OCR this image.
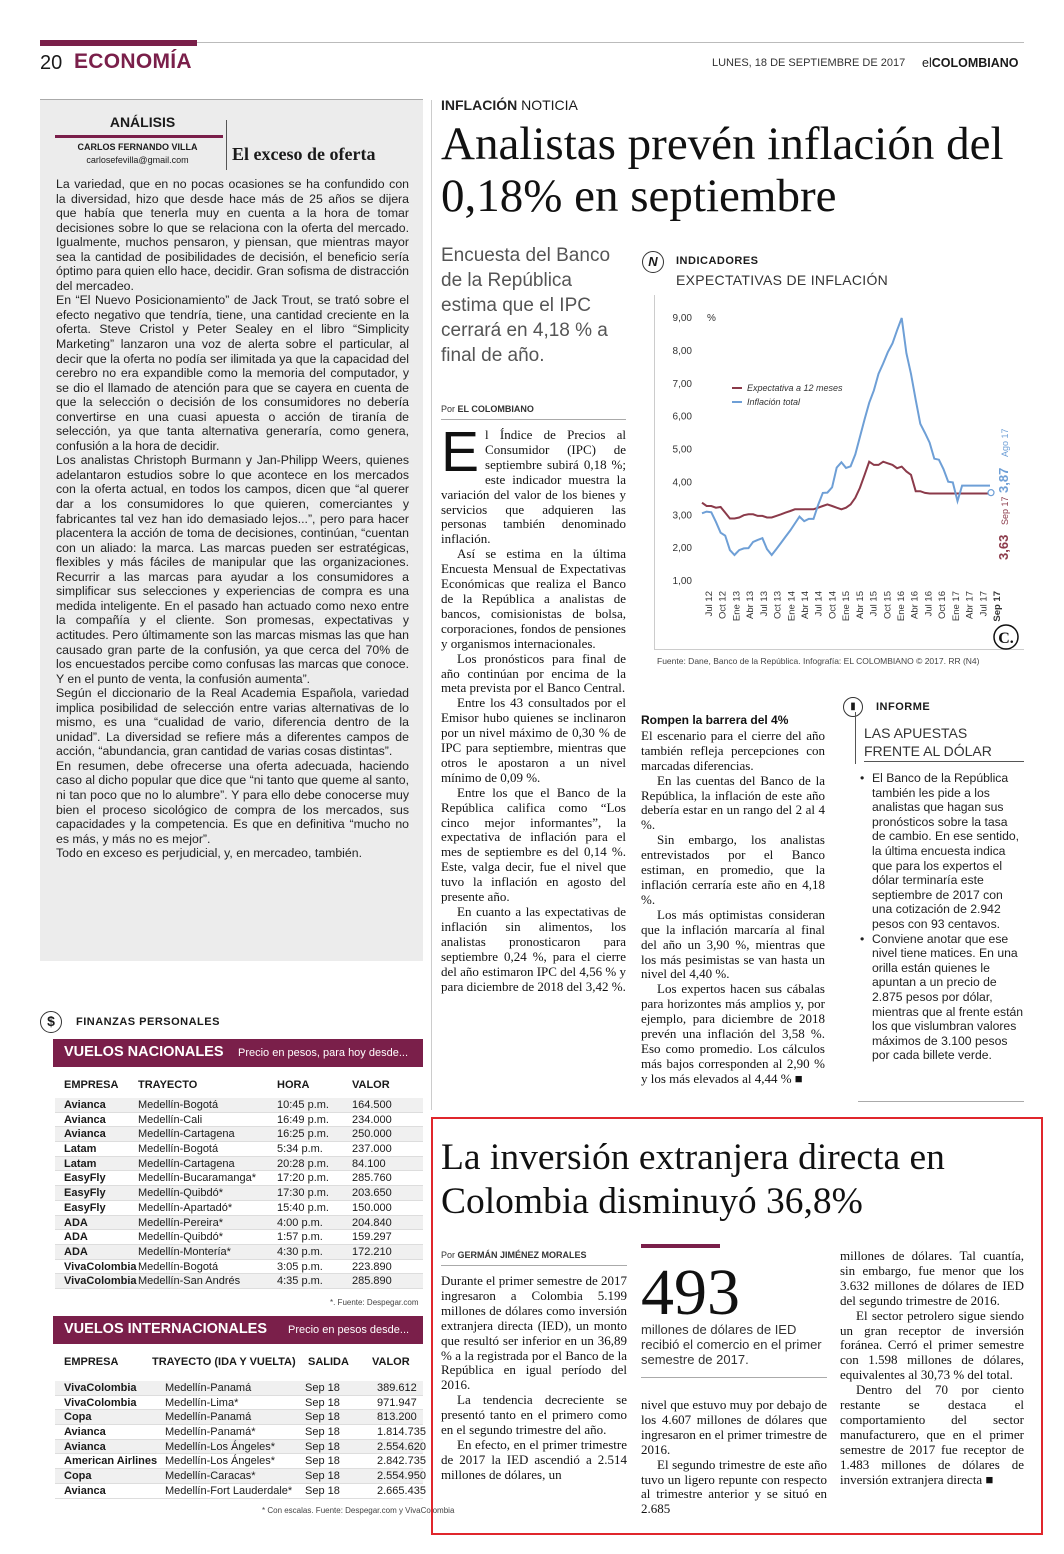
20 ECONOMÍA	LUNES, 18 DE SEPTIEMBRE DE 2017 elCOLOMBIANO
ANÁLISIS
CARLOS FERNANDO VILLA
carlosefevilla@gmail.com	El exceso de oferta

La variedad, que en no pocas ocasiones se ha confundido con la diversidad, hizo que desde hace más de 25 años se dijera que había que tenerla muy en cuenta a la hora de tomar decisiones sobre lo que se relaciona con la oferta del mercado. Igualmente, muchos pensaron, y piensan, que mientras mayor sea la cantidad de posibilidades de decisión, el beneficio sería óptimo para quien ello hace, decidir. Gran sofisma de distracción del mercadeo.

En “El Nuevo Posicionamiento” de Jack Trout, se trató sobre el efecto negativo que tendría, tiene, una cantidad creciente en la oferta. Steve Cristol y Peter Sealey en el libro “Simplicity Marketing” lanzaron una voz de alerta sobre el particular, al decir que la oferta no podía ser ilimitada ya que la capacidad del cerebro no era expandible como la memoria del computador, y se dio el llamado de atención para que se cayera en cuenta de que la selección o decisión de los consumidores no debería convertirse en una cuasi apuesta o acción de tiranía de selección, ya que tanta alternativa generaría, como genera, confusión a la hora de decidir.

Los analistas Christoph Burmann y Jan-Philipp Weers, quienes adelantaron estudios sobre lo que acontece en los mercados con la oferta actual, en todos los campos, dicen que “al querer dar a los consumidores lo que quieren, comerciantes y fabricantes tal vez han ido demasiado lejos...”, pero para hacer placentera la acción de toma de decisiones, continúan, “cuentan con un aliado: la marca. Las marcas pueden ser estratégicas, flexibles y más fáciles de manipular que las organizaciones. Recurrir a las marcas para ayudar a los consumidores a simplificar sus selecciones y experiencias de compra es una medida inteligente. En el pasado han actuado como nexo entre la compañía y el cliente. Son promesas, expectativas y actitudes. Pero últimamente son las marcas mismas las que han causado gran parte de la confusión, ya que cerca del 70% de los encuestados percibe como confusas las marcas que conoce. Y en el punto de venta, la confusión aumenta”.

Según el diccionario de la Real Academia Española, variedad implica posibilidad de selección entre varias alternativas de lo mismo, es una “cualidad de vario, diferencia dentro de la unidad”. La diversidad se refiere más a diferentes campos de acción, “abundancia, gran cantidad de varias cosas distintas”.

En resumen, debe ofrecerse una oferta adecuada, haciendo caso al dicho popular que dice que “ni tanto que queme al santo, ni tan poco que no lo alumbre”. Y para ello debe conocerse muy bien el proceso sicológico de compra de los mercados, sus capacidades y la competencia. Es que en definitiva “mucho no es más, y más no es mejor”.

Todo en exceso es perjudicial, y, en mercadeo, también.

$	FINANZAS PERSONALES
VUELOS NACIONALES Precio en pesos, para hoy desde...
EMPRESA TRAYECTO	HORA	VALOR
Avianca	Medellín-Bogotá	10:45 p.m. 164.500
Avianca	Medellín-Cali	16:49 p.m. 234.000
Avianca	Medellín-Cartagena	16:25 p.m. 250.000
Latam	Medellín-Bogotá	5:34 p.m.	237.000
Latam	Medellín-Cartagena	20:28 p.m. 84.100
EasyFly	Medellín-Bucaramanga* 17:20 p.m. 285.760
EasyFly	Medellín-Quibdó*	17:30 p.m. 203.650
EasyFly	Medellín-Apartadó*	15:40 p.m. 150.000
ADA	Medellín-Pereira*	4:00 p.m.	204.840
ADA	Medellín-Quibdó*	1:57 p.m.	159.297
ADA	Medellín-Montería*	4:30 p.m.	172.210
VivaColombia Medellín-Bogotá	3:05 p.m.	223.890
VivaColombia Medellín-San Andrés	4:35 p.m.	285.890
*. Fuente: Despegar.com
VUELOS INTERNACIONALES Precio en pesos desde...
EMPRESA	TRAYECTO (IDA Y VUELTA) SALIDA VALOR
VivaColombia	Medellín-Panamá	Sep 18	389.612
VivaColombia	Medellín-Lima*	Sep 18	971.947
Copa	Medellín-Panamá	Sep 18	813.200
Avianca	Medellín-Panamá*	Sep 18	1.814.735
Avianca	Medellín-Los Ángeles*	Sep 18	2.554.620
American Airlines Medellín-Los Ángeles*	Sep 18	2.842.735
Copa	Medellín-Caracas*	Sep 18	2.554.950
Avianca	Medellín-Fort Lauderdale* Sep 18	2.665.435
* Con escalas. Fuente: Despegar.com y VivaColombia
INFLACIÓN NOTICIA
Analistas prevén inflación del 0,18% en septiembre
Encuesta del Banco de la República estima que el IPC cerrará en 4,18 % a final de año.
Por EL COLOMBIANO

El Índice de Precios al Consumidor (IPC) de septiembre subirá 0,18 %; este indicador muestra la variación del valor de los bienes y servicios que adquieren las personas también denominado inflación.

Así se estima en la última Encuesta Mensual de Expectativas Económicas que realiza el Banco de la República a analistas de bancos, comisionistas de bolsa, corporaciones, fondos de pensiones y organismos internacionales.

Los pronósticos para final de año continúan por encima de la meta prevista por el Banco Central.

Entre los 43 consultados por el Emisor hubo quienes se inclinaron por un nivel máximo de 0,30 % de IPC para septiembre, mientras que otros le apostaron a un nivel mínimo de 0,09 %.

Entre los que el Banco de la República califica como “Los cinco mejor informantes”, la expectativa de inflación para el mes de septiembre es del 0,14 %. Este, valga decir, fue el nivel que tuvo la inflación en agosto del presente año.

En cuanto a las expectativas de inflación sin alimentos, los analistas pronosticaron para septiembre 0,24 %, para el cierre del año estimaron IPC del 4,56 % y para diciembre de 2018 del 3,42 %.

Rompen la barrera del 4%

El escenario para el cierre del año también refleja percepciones con marcadas diferencias.

En las cuentas del Banco de la República, la inflación de este año debería estar en un rango del 2 al 4 %.

Sin embargo, los analistas entrevistados por el Banco estiman, en promedio, que la inflación cerraría este año en 4,18 %.

Los más optimistas consideran que la inflación marcaría al final del año un 3,90 %, mientras que los más pesimistas se van hasta un nivel del 4,40 %.

Los expertos hacen sus cábalas para horizontes más amplios y, por ejemplo, para diciembre de 2018 prevén una inflación del 3,58 %. Eso como promedio. Los cálculos más bajos corresponden al 2,90 % y los más elevados al 4,44 % ■

N	INDICADORES
EXPECTATIVAS DE INFLACIÓN
1,00
2,00
3,00
4,00
5,00
6,00
7,00
8,00
9,00 %
Jul 12 Oct 12 Ene 13 Abr 13 Jul 13 Oct 13 Ene 14 Abr 14 Jul 14 Oct 14 Ene 15 Abr 15 Jul 15 Oct 15 Ene 16 Abr 16 Jul 16 Oct 16 Ene 17 Abr 17 Jul 17 Sep 17
Expectativa a 12 meses
Inflación total
3,63
Sep 17
3,87
Ago 17
C.
Fuente: Dane, Banco de la República. Infografía: EL COLOMBIANO © 2017. RR (N4)
▮	INFORME
LAS APUESTAS FRENTE AL DÓLAR
• El Banco de la República también les pide a los analistas que hagan sus pronósticos sobre la tasa de cambio. En ese sentido, la última encuesta indica que para los expertos el dólar terminaría este septiembre de 2017 con una cotización de 2.942 pesos con 93 centavos.
• Conviene anotar que ese nivel tiene matices. En una orilla están quienes le apuntan a un precio de 2.875 pesos por dólar, mientras que al frente están los que vislumbran valores máximos de 3.100 pesos por cada billete verde.
La inversión extranjera directa en Colombia disminuyó 36,8%
Por GERMÁN JIMÉNEZ MORALES

Durante el primer semestre de 2017 ingresaron a Colombia 5.199 millones de dólares como inversión extranjera directa (IED), un monto que resultó ser inferior en un 36,89 % a la registrada por el Banco de la República en igual período del 2016.

La tendencia decreciente se presentó tanto en el primero como en el segundo trimestre del año.

En efecto, en el primer trimestre de 2017 la IED ascendió a 2.514 millones de dólares, un

493
millones de dólares de IED recibió el comercio en el primer semestre de 2017.

nivel que estuvo muy por debajo de los 4.607 millones de dólares que ingresaron en el primer trimestre de 2016.

El segundo trimestre de este año tuvo un ligero repunte con respecto al trimestre anterior y se situó en 2.685

millones de dólares. Tal cuantía, sin embargo, fue menor que los 3.632 millones de dólares de IED del segundo trimestre de 2016.

El sector petrolero sigue siendo un gran receptor de inversión foránea. Cerró el primer semestre con 1.598 millones de dólares, equivalentes al 30,73 % del total.

Dentro del 70 por ciento restante se destaca el comportamiento del sector manufacturero, que en el primer semestre de 2017 fue receptor de 1.483 millones de dólares de inversión extranjera directa ■
